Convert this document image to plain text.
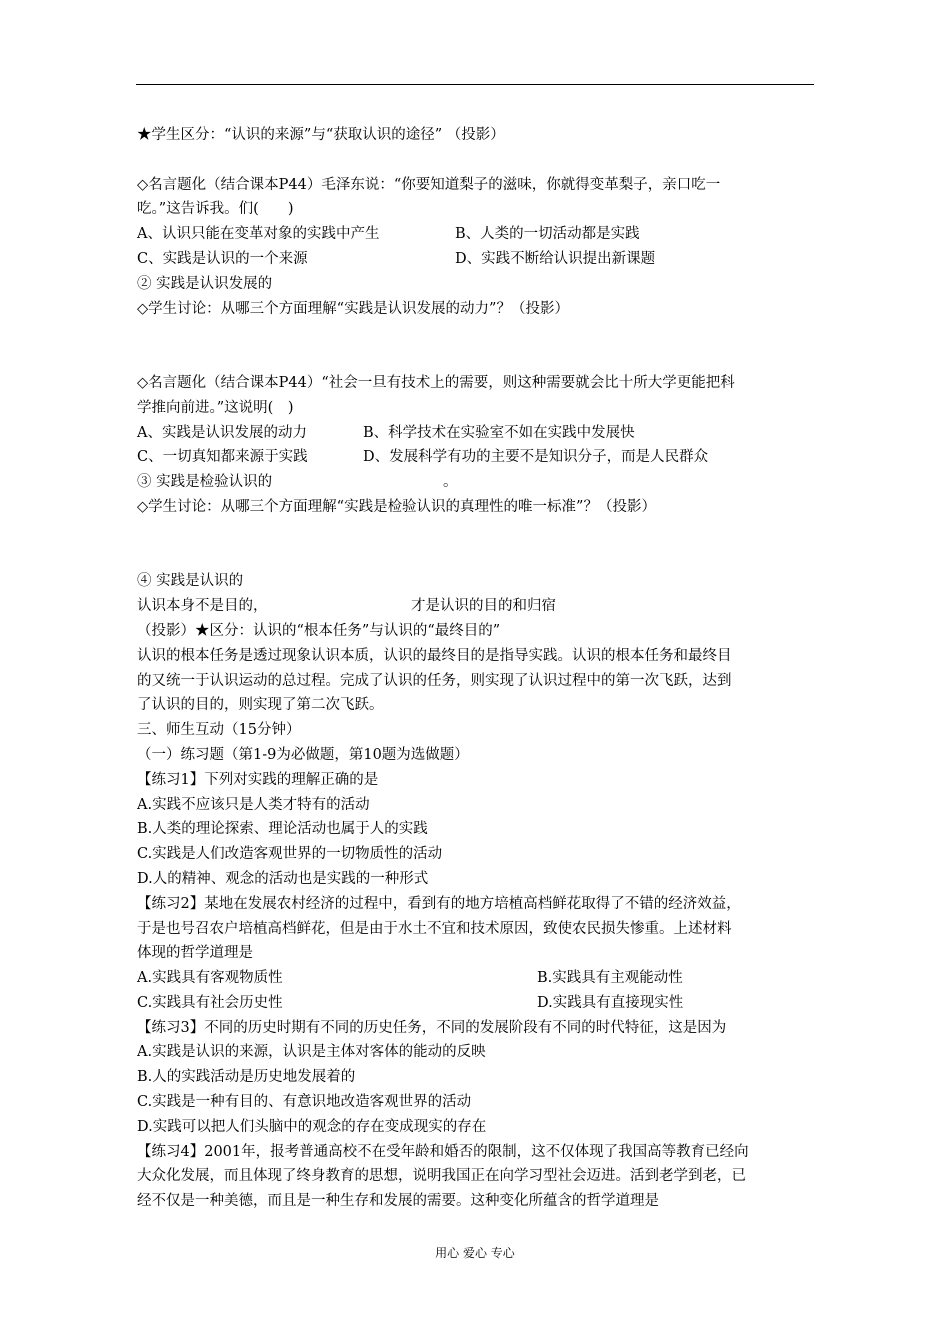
★学生区分：“认识的来源”与“获取认识的途径” （投影）
◇名言题化（结合课本P44）毛泽东说：“你要知道梨子的滋味，你就得变革梨子，亲口吃一
吃。”这告诉我。们(　　)
A、认识只能在变革对象的实践中产生	B、人类的一切活动都是实践
C、实践是认识的一个来源	D、实践不断给认识提出新课题
② 实践是认识发展的
◇学生讨论：从哪三个方面理解“实践是认识发展的动力”？（投影）
◇名言题化（结合课本P44）“社会一旦有技术上的需要，则这种需要就会比十所大学更能把科
学推向前进。”这说明(　)
A、实践是认识发展的动力	B、科学技术在实验室不如在实践中发展快
C、一切真知都来源于实践	D、发展科学有功的主要不是知识分子，而是人民群众
③ 实践是检验认识的	。
◇学生讨论：从哪三个方面理解“实践是检验认识的真理性的唯一标准”？（投影）
④ 实践是认识的
认识本身不是目的，	才是认识的目的和归宿
（投影）★区分：认识的“根本任务”与认识的“最终目的”
认识的根本任务是透过现象认识本质，认识的最终目的是指导实践。认识的根本任务和最终目
的又统一于认识运动的总过程。完成了认识的任务，则实现了认识过程中的第一次飞跃，达到
了认识的目的，则实现了第二次飞跃。
三、师生互动（15分钟）
（一）练习题（第1-9为必做题，第10题为选做题）
【练习1】下列对实践的理解正确的是
A.实践不应该只是人类才特有的活动
B.人类的理论探索、理论活动也属于人的实践
C.实践是人们改造客观世界的一切物质性的活动
D.人的精神、观念的活动也是实践的一种形式
【练习2】某地在发展农村经济的过程中，看到有的地方培植高档鲜花取得了不错的经济效益，
于是也号召农户培植高档鲜花，但是由于水土不宜和技术原因，致使农民损失惨重。上述材料
体现的哲学道理是
A.实践具有客观物质性	B.实践具有主观能动性
C.实践具有社会历史性	D.实践具有直接现实性
【练习3】不同的历史时期有不同的历史任务，不同的发展阶段有不同的时代特征，这是因为
A.实践是认识的来源，认识是主体对客体的能动的反映
B.人的实践活动是历史地发展着的
C.实践是一种有目的、有意识地改造客观世界的活动
D.实践可以把人们头脑中的观念的存在变成现实的存在
【练习4】2001年，报考普通高校不在受年龄和婚否的限制，这不仅体现了我国高等教育已经向
大众化发展，而且体现了终身教育的思想，说明我国正在向学习型社会迈进。活到老学到老，已
经不仅是一种美德，而且是一种生存和发展的需要。这种变化所蕴含的哲学道理是
用心 爱心 专心
